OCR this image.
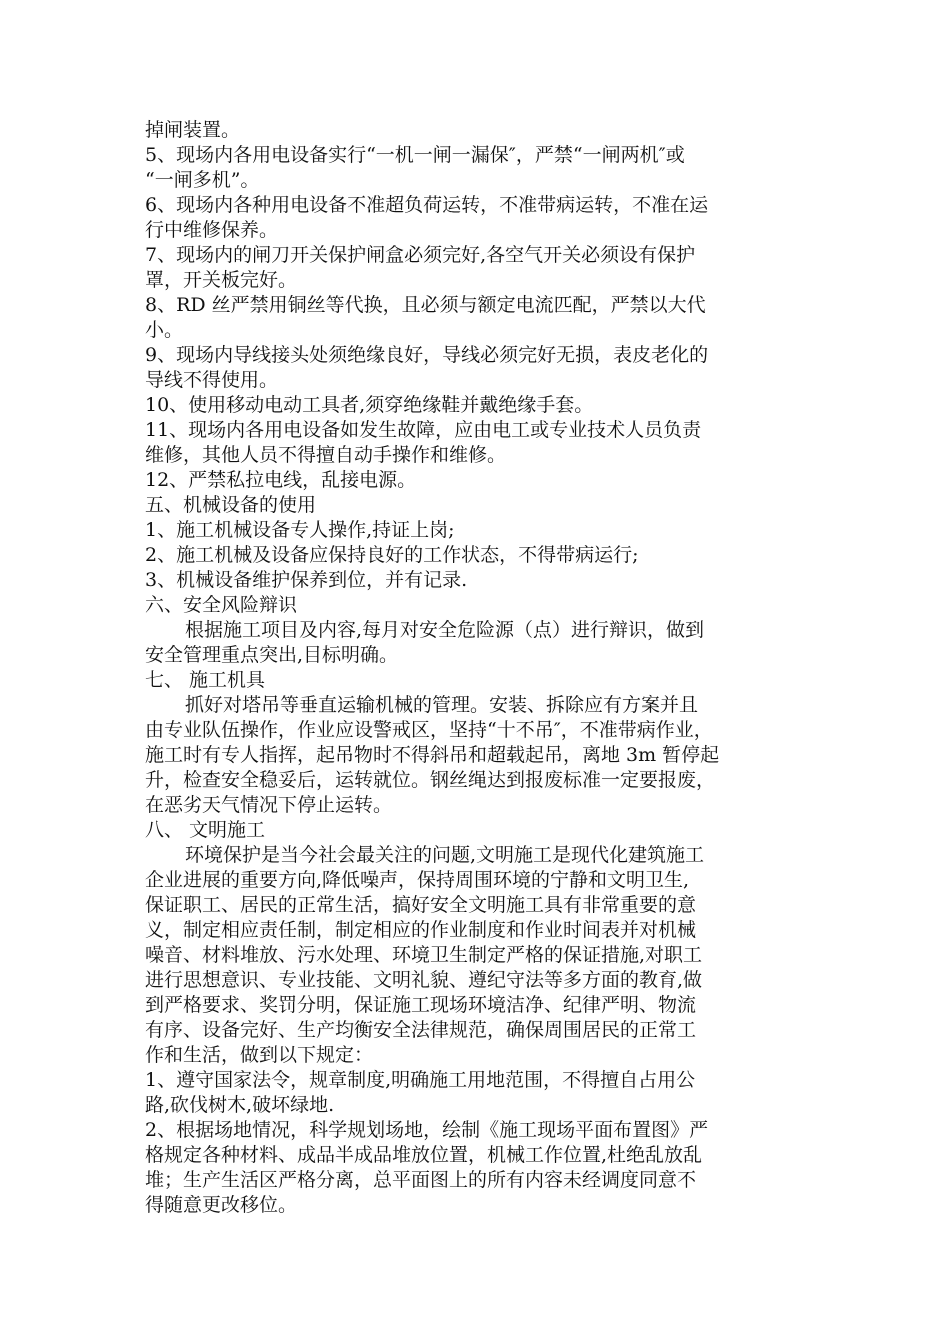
掉闸装置。
5、现场内各用电设备实行“一机一闸一漏保″，严禁“一闸两机″或
“一闸多机”。
6、现场内各种用电设备不准超负荷运转，不准带病运转，不准在运
行中维修保养。
7、现场内的闸刀开关保护闸盒必须完好,各空气开关必须设有保护
罩，开关板完好。
8、RD 丝严禁用铜丝等代换，且必须与额定电流匹配，严禁以大代
小。
9、现场内导线接头处须绝缘良好，导线必须完好无损，表皮老化的
导线不得使用。
10、使用移动电动工具者,须穿绝缘鞋并戴绝缘手套。
11、现场内各用电设备如发生故障，应由电工或专业技术人员负责
维修，其他人员不得擅自动手操作和维修。
12、严禁私拉电线，乱接电源。
五、机械设备的使用
1、施工机械设备专人操作,持证上岗;
2、施工机械及设备应保持良好的工作状态，不得带病运行;
3、机械设备维护保养到位，并有记录.
六、安全风险辩识
根据施工项目及内容,每月对安全危险源（点）进行辩识，做到
安全管理重点突出,目标明确。
七、 施工机具
抓好对塔吊等垂直运输机械的管理。安装、拆除应有方案并且
由专业队伍操作，作业应设警戒区，坚持“十不吊″，不准带病作业，
施工时有专人指挥，起吊物时不得斜吊和超载起吊，离地 3m 暂停起
升，检查安全稳妥后，运转就位。钢丝绳达到报废标准一定要报废，
在恶劣天气情况下停止运转。
八、 文明施工
环境保护是当今社会最关注的问题,文明施工是现代化建筑施工
企业进展的重要方向,降低噪声，保持周围环境的宁静和文明卫生,
保证职工、居民的正常生活，搞好安全文明施工具有非常重要的意
义，制定相应责任制，制定相应的作业制度和作业时间表并对机械
噪音、材料堆放、污水处理、环境卫生制定严格的保证措施,对职工
进行思想意识、专业技能、文明礼貌、遵纪守法等多方面的教育,做
到严格要求、奖罚分明，保证施工现场环境洁净、纪律严明、物流
有序、设备完好、生产均衡安全法律规范，确保周围居民的正常工
作和生活，做到以下规定：
1、遵守国家法令，规章制度,明确施工用地范围，不得擅自占用公
路,砍伐树木,破坏绿地.
2、根据场地情况，科学规划场地，绘制《施工现场平面布置图》严
格规定各种材料、成品半成品堆放位置，机械工作位置,杜绝乱放乱
堆；生产生活区严格分离，总平面图上的所有内容未经调度同意不
得随意更改移位。
